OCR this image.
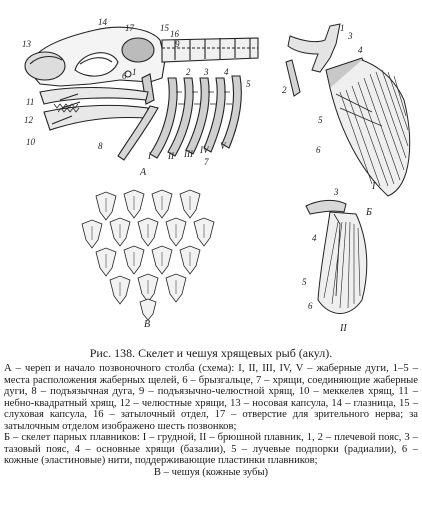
13
14
17	15
16
9
11
12
10	8
1	2 3 4
5
6
I II III IV V
7
А
1
2
3
4
5
6
Б
I
3
4
5
6
II
В

Рис. 138. Скелет и чешуя хрящевых рыб (акул).

А – череп и начало позвоночного столба (схема): I, II, III, IV, V – жаберные дуги, 1–5 – места расположения жаберных щелей, 6 – брызгальце, 7 – хрящи, соединяющие жаберные дуги, 8 – подъязычная дуга, 9 – подъязычно-челюстной хрящ, 10 – меккелев хрящ, 11 – небно-квадратный хрящ, 12 – челюстные хрящи, 13 – носовая капсула, 14 – глазница, 15 – слуховая капсула, 16 – затылочный отдел, 17 – отверстие для зрительного нерва; за затылочным отделом изображено шесть позвонков;

Б – скелет парных плавников: I – грудной, II – брюшной плавник, 1, 2 – плечевой пояс, 3 – тазовый пояс, 4 – основные хрящи (базалии), 5 – лучевые подпорки (радиалии), 6 – кожные (эластиновые) нити, поддерживающие пластинки плавников;

В – чешуя (кожные зубы)
